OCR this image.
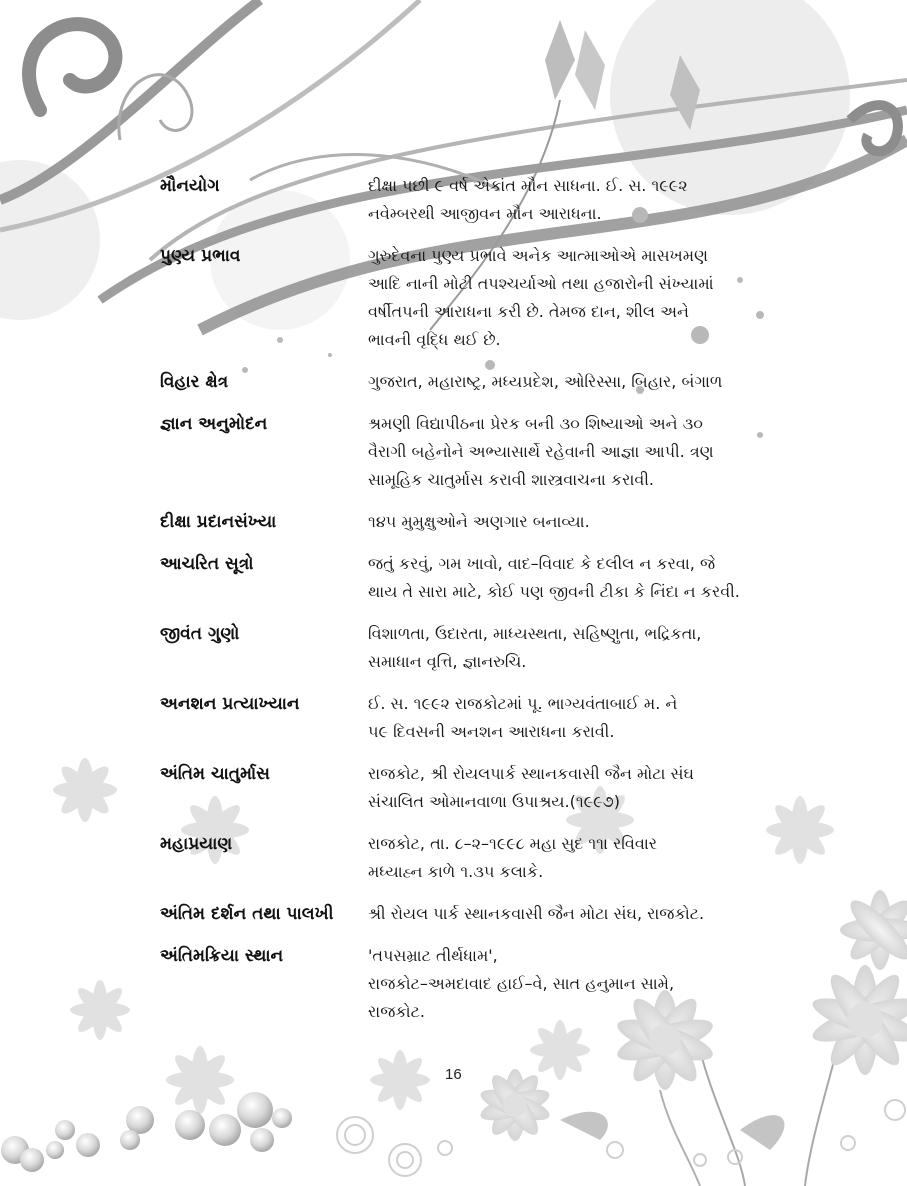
મૌનયોગ	દીક્ષા પછી ૯ વર્ષ એકાંત મૌન સાધના. ઈ. સ. ૧૯૯૨
નવેમ્બરથી આજીવન મૌન આરાધના.
પુણ્ય પ્રભાવ	ગુરુદેવના પુણ્ય પ્રભાવે અનેક આત્માઓએ માસખમણ
આદિ નાની મોટી તપશ્ચર્યાઓ તથા હજારોની સંખ્યામાં
વર્ષીતપની આરાધના કરી છે. તેમજ દાન, શીલ અને
ભાવની વૃદ્ધિ થઈ છે.
વિહાર ક્ષેત્ર	ગુજરાત, મહારાષ્ટ્ર, મધ્યપ્રદેશ, ઓરિસ્સા, બિહાર, બંગાળ
જ્ઞાન અનુમોદન	શ્રમણી વિદ્યાપીઠના પ્રેરક બની ૩૦ શિષ્યાઓ અને ૩૦
વૈરાગી બહેનોને અભ્યાસાર્થે રહેવાની આજ્ઞા આપી. ત્રણ
સામૂહિક ચાતુર્માસ કરાવી શાસ્ત્રવાચના કરાવી.
દીક્ષા પ્રદાનસંખ્યા	૧૪૫ મુમુક્ષુઓને અણગાર બનાવ્યા.
આચરિત સૂત્રો	જતું કરવું, ગમ ખાવો, વાદ–વિવાદ કે દલીલ ન કરવા, જે
થાય તે સારા માટે, કોઈ પણ જીવની ટીકા કે નિંદા ન કરવી.
જીવંત ગુણો	વિશાળતા, ઉદારતા, માધ્યસ્થતા, સહિષ્ણુતા, ભદ્રિકતા,
સમાધાન વૃત્તિ, જ્ઞાનરુચિ.
અનશન પ્રત્યાખ્યાન	ઈ. સ. ૧૯૯૨ રાજકોટમાં પૂ. ભાગ્યવંતાબાઈ મ. ને
૫૯ દિવસની અનશન આરાધના કરાવી.
અંતિમ ચાતુર્માસ	રાજકોટ, શ્રી રોયલપાર્ક સ્થાનકવાસી જૈન મોટા સંઘ
સંચાલિત ઓમાનવાળા ઉપાશ્રય.(૧૯૯૭)
મહાપ્રયાણ	રાજકોટ, તા. ૮–૨–૧૯૯૮ મહા સુદ ૧૧ા રવિવાર
મધ્યાહ્ન કાળે ૧.૩૫ કલાકે.
અંતિમ દર્શન તથા પાલખી	શ્રી રોયલ પાર્ક સ્થાનકવાસી જૈન મોટા સંઘ, રાજકોટ.
અંતિમક્રિયા સ્થાન	'તપસમ્રાટ તીર્થધામ',
રાજકોટ–અમદાવાદ હાઈ–વે, સાત હનુમાન સામે,
રાજકોટ.
16
